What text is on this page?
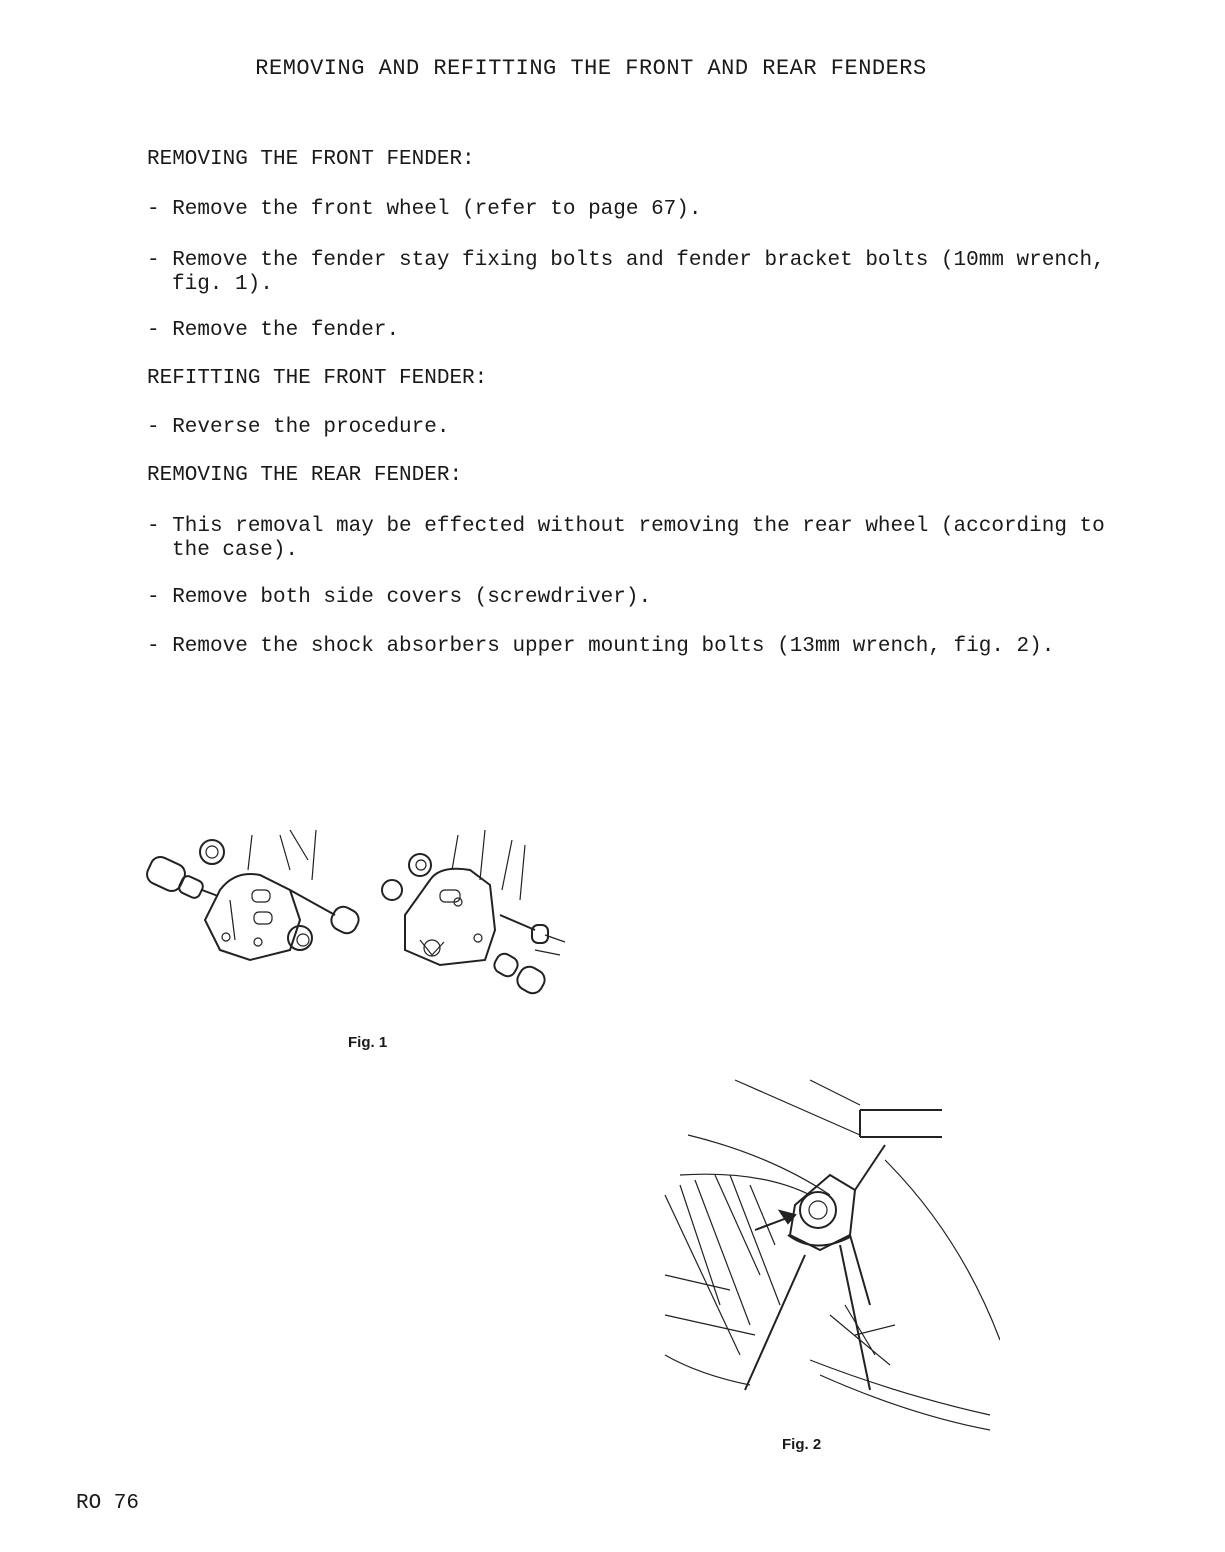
REMOVING AND REFITTING THE FRONT AND REAR FENDERS
REMOVING THE FRONT FENDER:
- Remove the front wheel (refer to page 67).
- Remove the fender stay fixing bolts and fender bracket bolts (10mm wrench, fig. 1).
- Remove the fender.
REFITTING THE FRONT FENDER:
- Reverse the procedure.
REMOVING THE REAR FENDER:
- This removal may be effected without removing the rear wheel (according to the case).
- Remove both side covers (screwdriver).
- Remove the shock absorbers upper mounting bolts (13mm wrench, fig. 2).
Fig. 1
Fig. 2
RO 76
